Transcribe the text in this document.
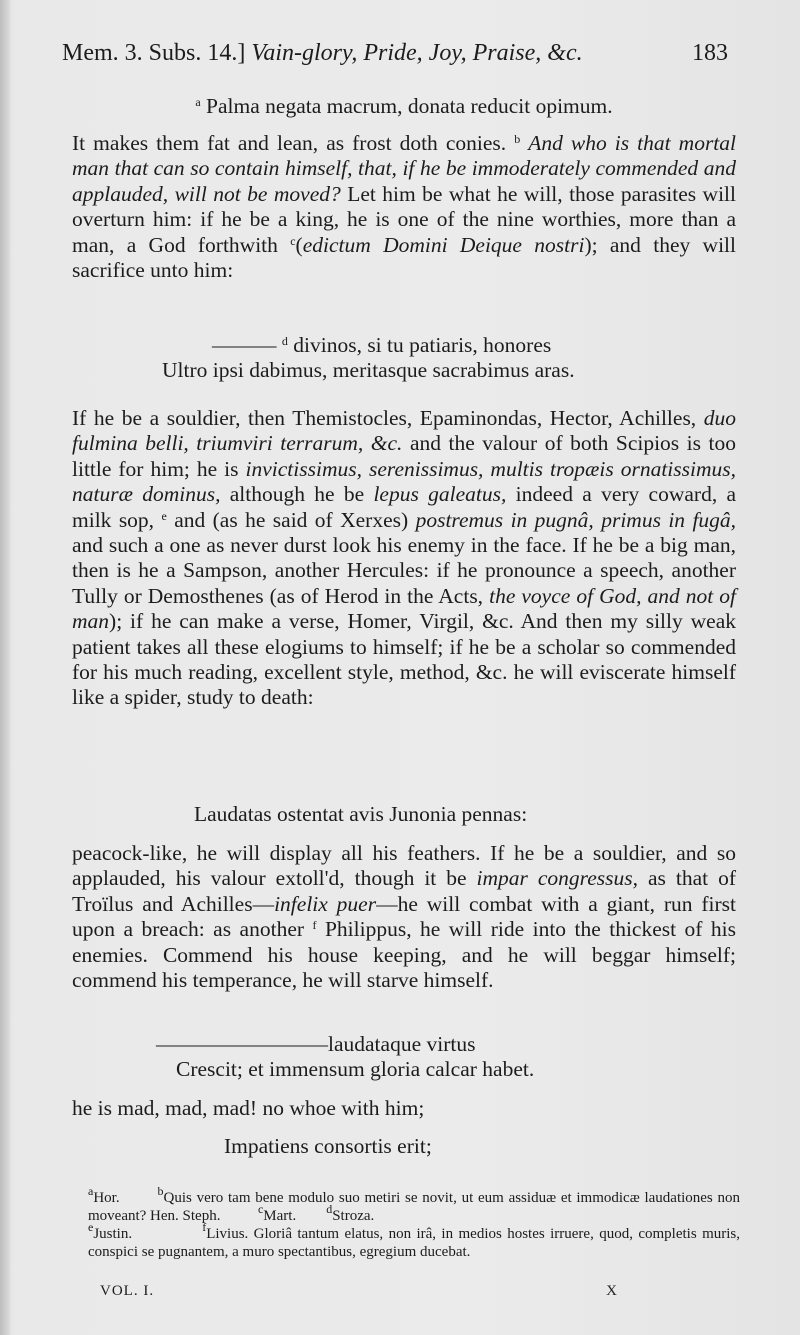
Mem. 3. Subs. 14.] Vain-glory, Pride, Joy, Praise, &c.	183
$^a$ Palma negata macrum, donata reducit opimum.
It makes them fat and lean, as frost doth conies. $^b$ And who is that mortal man that can so contain himself, that, if he be immoderately commended and applauded, will not be moved? Let him be what he will, those parasites will overturn him: if he be a king, he is one of the nine worthies, more than a man, a God forthwith $^c$(edictum Domini Deique nostri); and they will sacrifice unto him:
——— $^d$ divinos, si tu patiaris, honores
Ultro ipsi dabimus, meritasque sacrabimus aras.
If he be a souldier, then Themistocles, Epaminondas, Hector, Achilles, duo fulmina belli, triumviri terrarum, &c. and the valour of both Scipios is too little for him; he is invictissimus, serenissimus, multis tropæis ornatissimus, naturæ dominus, although he be lepus galeatus, indeed a very coward, a milk sop, $^e$ and (as he said of Xerxes) postremus in pugnâ, primus in fugâ, and such a one as never durst look his enemy in the face. If he be a big man, then is he a Sampson, another Hercules: if he pronounce a speech, another Tully or Demosthenes (as of Herod in the Acts, the voyce of God, and not of man); if he can make a verse, Homer, Virgil, &c. And then my silly weak patient takes all these elogiums to himself; if he be a scholar so commended for his much reading, excellent style, method, &c. he will eviscerate himself like a spider, study to death:
Laudatas ostentat avis Junonia pennas:
peacock-like, he will display all his feathers. If he be a souldier, and so applauded, his valour extoll'd, though it be impar congressus, as that of Troïlus and Achilles—infelix puer—he will combat with a giant, run first upon a breach: as another $^f$ Philippus, he will ride into the thickest of his enemies. Commend his house keeping, and he will beggar himself; commend his temperance, he will starve himself.
————————laudataque virtus
Crescit; et immensum gloria calcar habet.
he is mad, mad, mad! no whoe with him;
Impatiens consortis erit;
$^a$Hor.	$^b$Quis vero tam bene modulo suo metiri se novit, ut eum assiduæ et immodicæ laudationes non moveant? Hen. Steph.	$^c$Mart.	$^d$Stroza.
$^e$Justin.	$^f$Livius. Gloriâ tantum elatus, non irâ, in medios hostes irruere, quod, completis muris, conspici se pugnantem, a muro spectantibus, egregium ducebat.
VOL. I.	X
